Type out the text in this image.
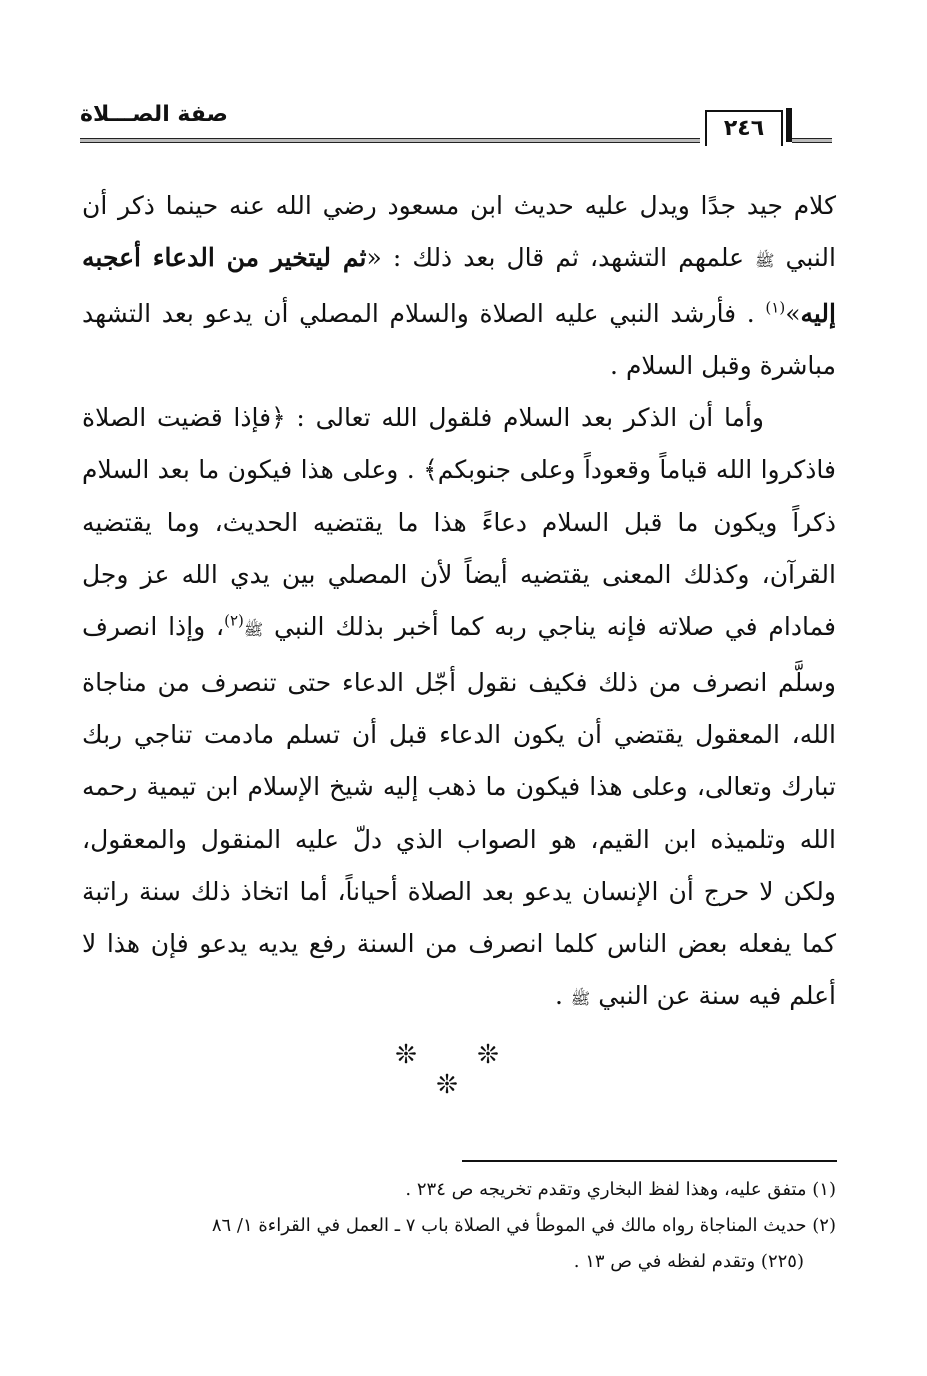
صفة الصـــلاة
٢٤٦

كلام جيد جدًا ويدل عليه حديث ابن مسعود رضي الله عنه حينما ذكر أن النبي ﷺ علمهم التشهد، ثم قال بعد ذلك : «ثم ليتخير من الدعاء أعجبه إليه»$^{(١)}$ . فأرشد النبي عليه الصلاة والسلام المصلي أن يدعو بعد التشهد مباشرة وقبل السلام .

وأما أن الذكر بعد السلام فلقول الله تعالى : ﴿فإذا قضيت الصلاة فاذكروا الله قياماً وقعوداً وعلى جنوبكم﴾ . وعلى هذا فيكون ما بعد السلام ذكراً ويكون ما قبل السلام دعاءً هذا ما يقتضيه الحديث، وما يقتضيه القرآن، وكذلك المعنى يقتضيه أيضاً لأن المصلي بين يدي الله عز وجل فمادام في صلاته فإنه يناجي ربه كما أخبر بذلك النبي ﷺ$^{(٢)}$، وإذا انصرف وسلَّم انصرف من ذلك فكيف نقول أجّل الدعاء حتى تنصرف من مناجاة الله، المعقول يقتضي أن يكون الدعاء قبل أن تسلم مادمت تناجي ربك تبارك وتعالى، وعلى هذا فيكون ما ذهب إليه شيخ الإسلام ابن تيمية رحمه الله وتلميذه ابن القيم، هو الصواب الذي دلّ عليه المنقول والمعقول، ولكن لا حرج أن الإنسان يدعو بعد الصلاة أحياناً، أما اتخاذ ذلك سنة راتبة كما يفعله بعض الناس كلما انصرف من السنة رفع يديه يدعو فإن هذا لا أعلم فيه سنة عن النبي ﷺ .

❊ ❊ ❊

(١) متفق عليه، وهذا لفظ البخاري وتقدم تخريجه ص ٢٣٤ .

(٢) حديث المناجاة رواه مالك في الموطأ في الصلاة باب ٧ ـ العمل في القراءة ١/ ٨٦

(٢٢٥) وتقدم لفظه في ص ١٣ .
